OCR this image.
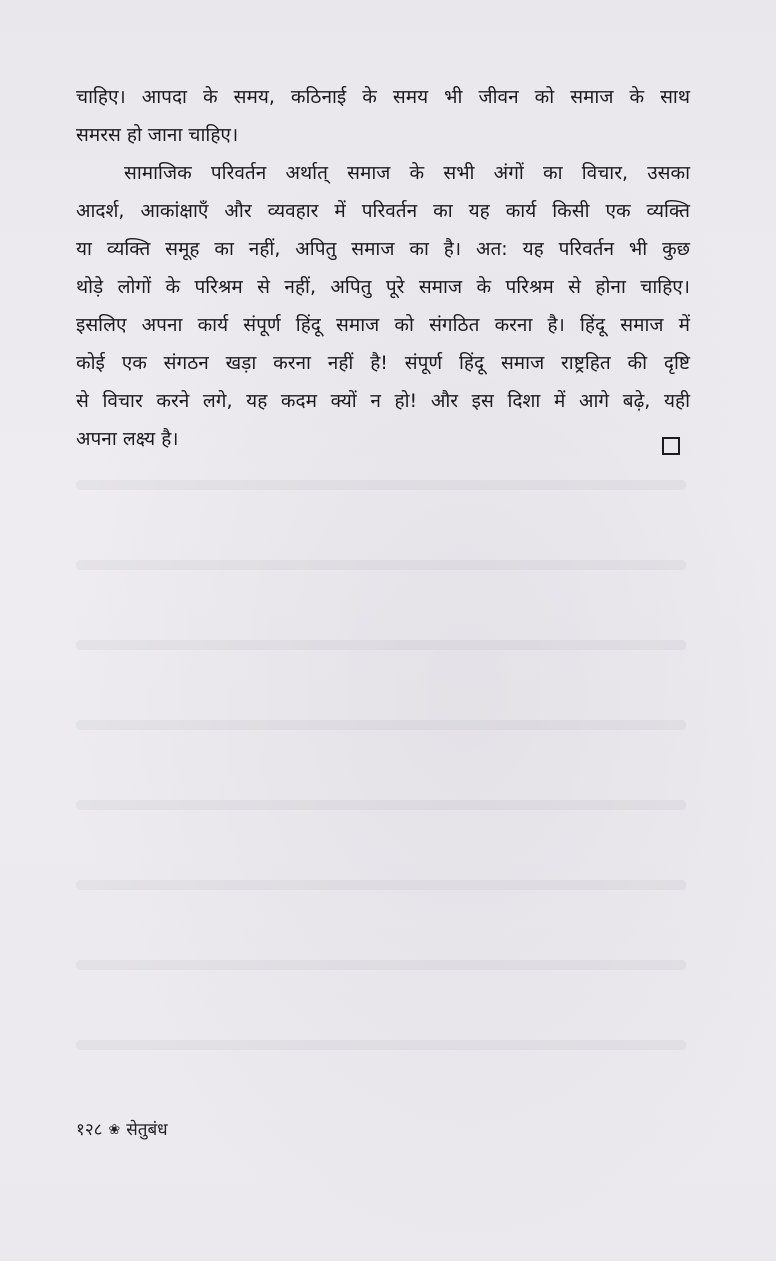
चाहिए। आपदा के समय, कठिनाई के समय भी जीवन को समाज के साथ
समरस हो जाना चाहिए।
सामाजिक परिवर्तन अर्थात् समाज के सभी अंगों का विचार, उसका
आदर्श, आकांक्षाएँ और व्यवहार में परिवर्तन का यह कार्य किसी एक व्यक्ति
या व्यक्ति समूह का नहीं, अपितु समाज का है। अत: यह परिवर्तन भी कुछ
थोड़े लोगों के परिश्रम से नहीं, अपितु पूरे समाज के परिश्रम से होना चाहिए।
इसलिए अपना कार्य संपूर्ण हिंदू समाज को संगठित करना है। हिंदू समाज में
कोई एक संगठन खड़ा करना नहीं है! संपूर्ण हिंदू समाज राष्ट्रहित की दृष्टि
से विचार करने लगे, यह कदम क्यों न हो! और इस दिशा में आगे बढ़े, यही
अपना लक्ष्य है।
१२८ ❀ सेतुबंध
